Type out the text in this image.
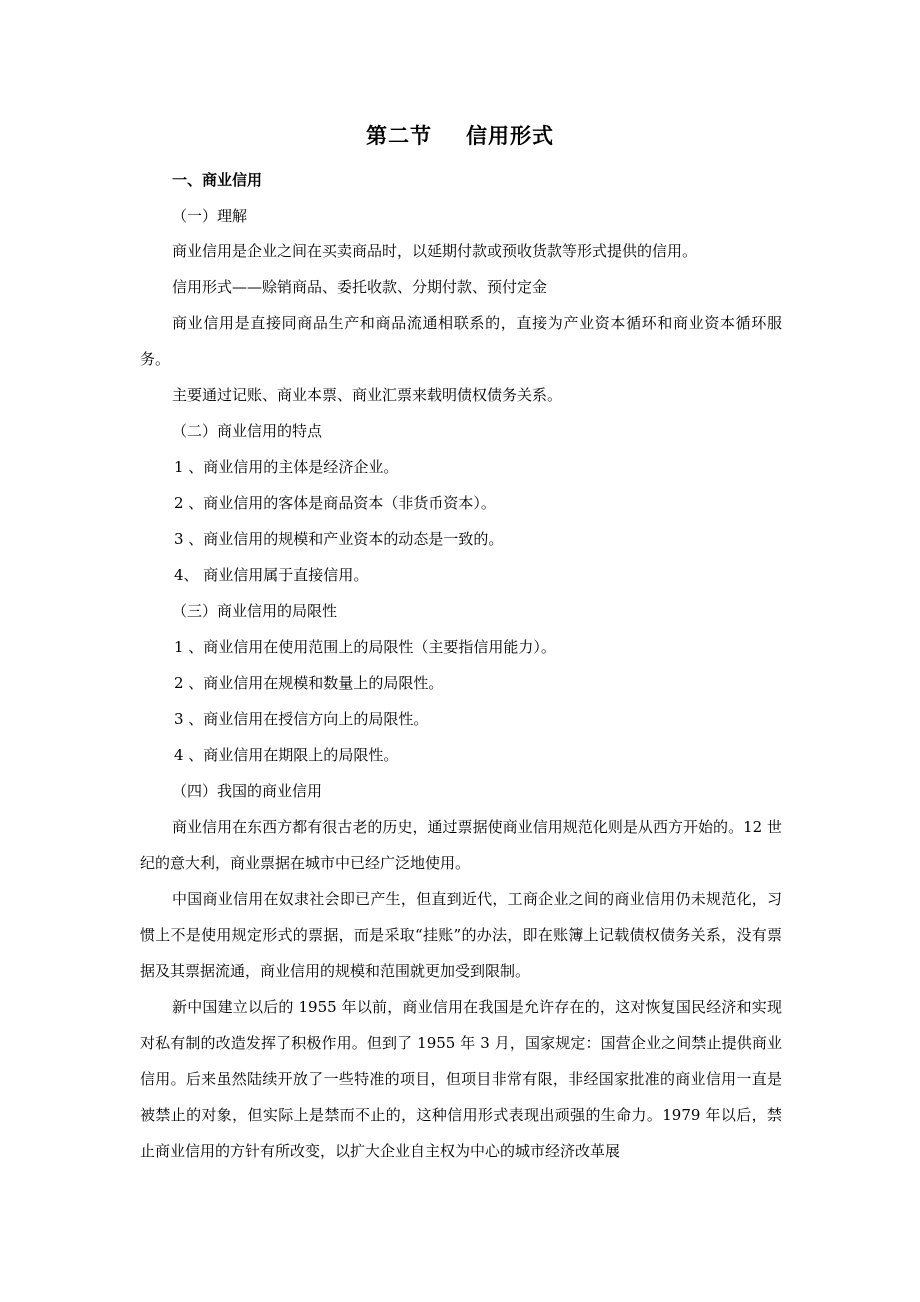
第二节 信用形式
一、商业信用
（一）理解
商业信用是企业之间在买卖商品时，以延期付款或预收货款等形式提供的信用。
信用形式——赊销商品、委托收款、分期付款、预付定金
商业信用是直接同商品生产和商品流通相联系的，直接为产业资本循环和商业资本循环服务。
主要通过记账、商业本票、商业汇票来载明债权债务关系。
（二）商业信用的特点
1 、商业信用的主体是经济企业。
2 、商业信用的客体是商品资本（非货币资本）。
3 、商业信用的规模和产业资本的动态是一致的。
4、 商业信用属于直接信用。
（三）商业信用的局限性
1 、商业信用在使用范围上的局限性（主要指信用能力）。
2 、商业信用在规模和数量上的局限性。
3 、商业信用在授信方向上的局限性。
4 、商业信用在期限上的局限性。
（四）我国的商业信用
商业信用在东西方都有很古老的历史，通过票据使商业信用规范化则是从西方开始的。12 世纪的意大利，商业票据在城市中已经广泛地使用。
中国商业信用在奴隶社会即已产生，但直到近代，工商企业之间的商业信用仍未规范化，习惯上不是使用规定形式的票据，而是采取“挂账”的办法，即在账簿上记载债权债务关系，没有票据及其票据流通，商业信用的规模和范围就更加受到限制。
新中国建立以后的 1955 年以前，商业信用在我国是允许存在的，这对恢复国民经济和实现对私有制的改造发挥了积极作用。但到了 1955 年 3 月，国家规定：国营企业之间禁止提供商业信用。后来虽然陆续开放了一些特准的项目，但项目非常有限，非经国家批准的商业信用一直是被禁止的对象，但实际上是禁而不止的，这种信用形式表现出顽强的生命力。1979 年以后，禁止商业信用的方针有所改变，以扩大企业自主权为中心的城市经济改革展
